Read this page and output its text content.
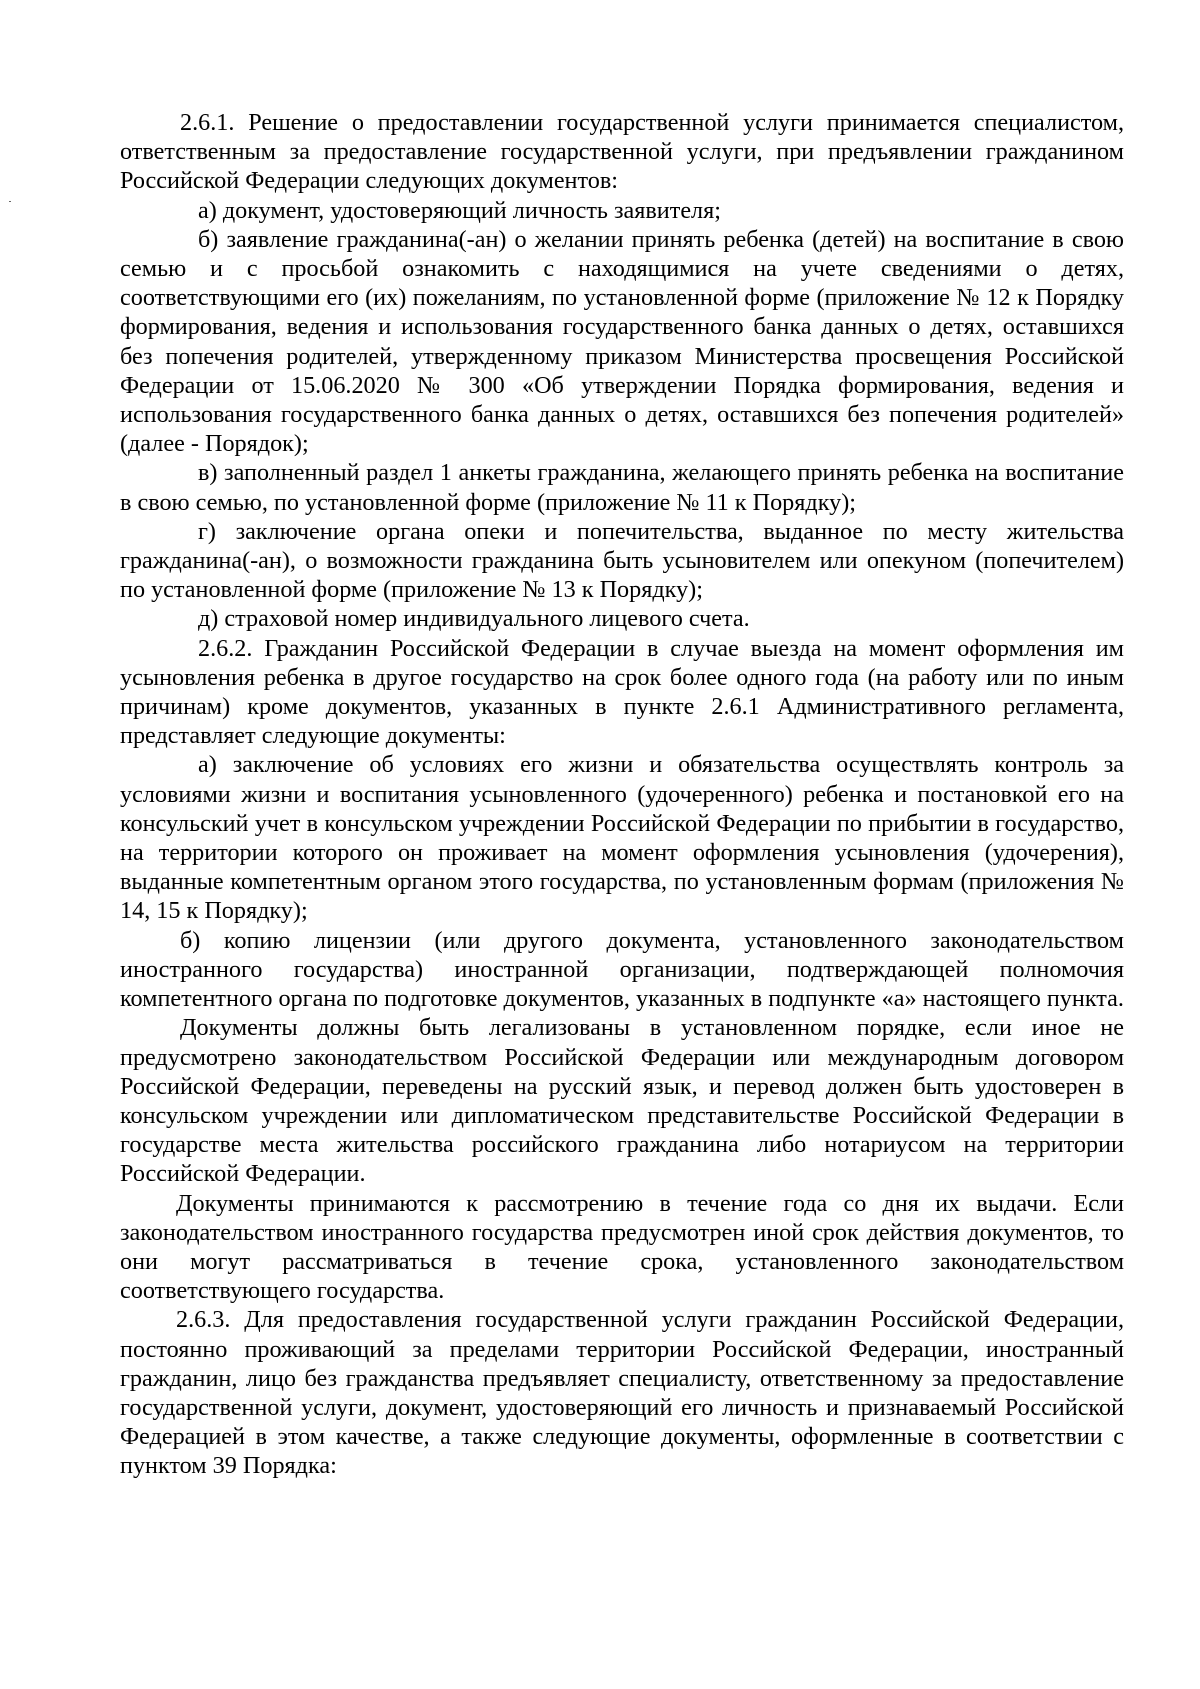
2.6.1. Решение о предоставлении государственной услуги принимается специалистом, ответственным за предоставление государственной услуги, при предъявлении гражданином Российской Федерации следующих документов:

а) документ, удостоверяющий личность заявителя;

б) заявление гражданина(-ан) о желании принять ребенка (детей) на воспитание в свою семью и с просьбой ознакомить с находящимися на учете сведениями о детях, соответствующими его (их) пожеланиям, по установленной форме (приложение № 12 к Порядку формирования, ведения и использования государственного банка данных о детях, оставшихся без попечения родителей, утвержденному приказом Министерства просвещения Российской Федерации от 15.06.2020 № 300 «Об утверждении Порядка формирования, ведения и использования государственного банка данных о детях, оставшихся без попечения родителей» (далее - Порядок);

в) заполненный раздел 1 анкеты гражданина, желающего принять ребенка на воспитание в свою семью, по установленной форме (приложение № 11 к Порядку);

г) заключение органа опеки и попечительства, выданное по месту жительства гражданина(-ан), о возможности гражданина быть усыновителем или опекуном (попечителем) по установленной форме (приложение № 13 к Порядку);

д) страховой номер индивидуального лицевого счета.

2.6.2. Гражданин Российской Федерации в случае выезда на момент оформления им усыновления ребенка в другое государство на срок более одного года (на работу или по иным причинам) кроме документов, указанных в пункте 2.6.1 Административного регламента, представляет следующие документы:

а) заключение об условиях его жизни и обязательства осуществлять контроль за условиями жизни и воспитания усыновленного (удочеренного) ребенка и постановкой его на консульский учет в консульском учреждении Российской Федерации по прибытии в государство, на территории которого он проживает на момент оформления усыновления (удочерения), выданные компетентным органом этого государства, по установленным формам (приложения № 14, 15 к Порядку);

б) копию лицензии (или другого документа, установленного законодательством иностранного государства) иностранной организации, подтверждающей полномочия компетентного органа по подготовке документов, указанных в подпункте «а» настоящего пункта.

Документы должны быть легализованы в установленном порядке, если иное не предусмотрено законодательством Российской Федерации или международным договором Российской Федерации, переведены на русский язык, и перевод должен быть удостоверен в консульском учреждении или дипломатическом представительстве Российской Федерации в государстве места жительства российского гражданина либо нотариусом на территории Российской Федерации.

Документы принимаются к рассмотрению в течение года со дня их выдачи. Если законодательством иностранного государства предусмотрен иной срок действия документов, то они могут рассматриваться в течение срока, установленного законодательством соответствующего государства.

2.6.3. Для предоставления государственной услуги гражданин Российской Федерации, постоянно проживающий за пределами территории Российской Федерации, иностранный гражданин, лицо без гражданства предъявляет специалисту, ответственному за предоставление государственной услуги, документ, удостоверяющий его личность и признаваемый Российской Федерацией в этом качестве, а также следующие документы, оформленные в соответствии с пунктом 39 Порядка:
